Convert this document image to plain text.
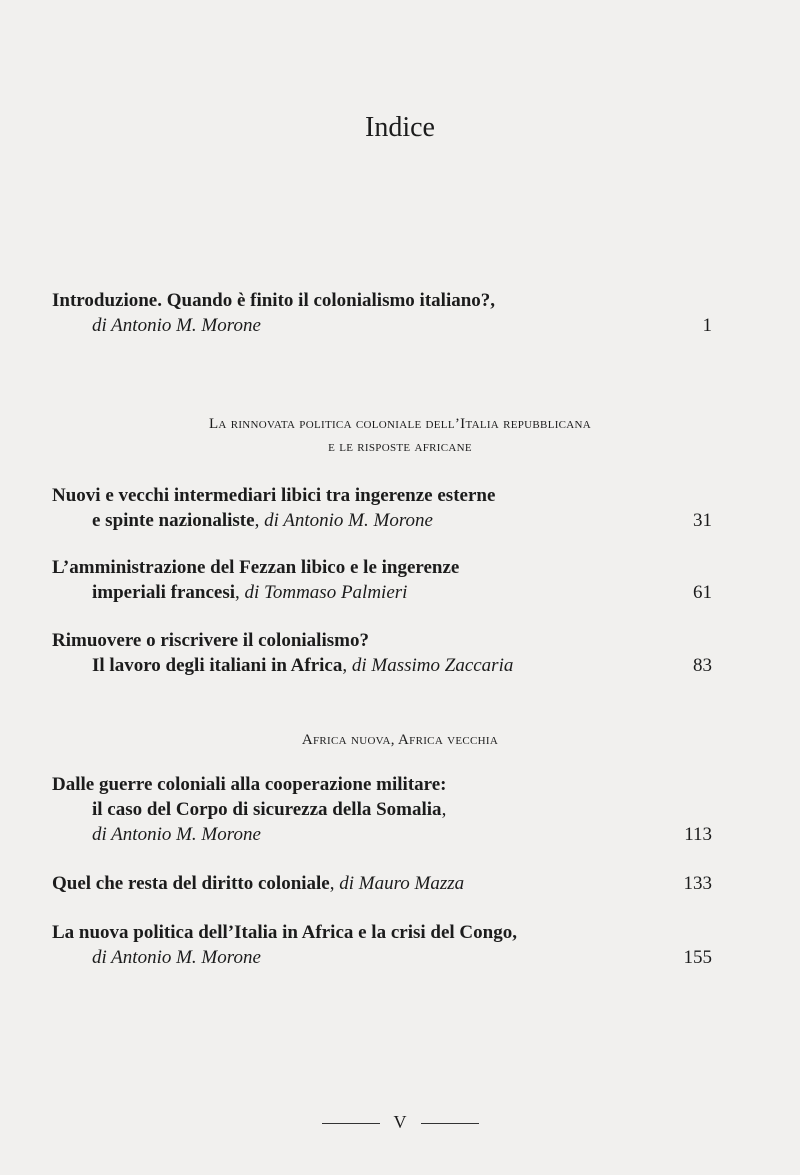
Indice
Introduzione. Quando è finito il colonialismo italiano?,
di Antonio M. Morone	1
La rinnovata politica coloniale dell’Italia repubblicana
e le risposte africane
Nuovi e vecchi intermediari libici tra ingerenze esterne
e spinte nazionaliste, di Antonio M. Morone	31
L’amministrazione del Fezzan libico e le ingerenze
imperiali francesi, di Tommaso Palmieri	61
Rimuovere o riscrivere il colonialismo?
Il lavoro degli italiani in Africa, di Massimo Zaccaria	83
Africa nuova, Africa vecchia
Dalle guerre coloniali alla cooperazione militare:
il caso del Corpo di sicurezza della Somalia,
di Antonio M. Morone	113
Quel che resta del diritto coloniale, di Mauro Mazza	133
La nuova politica dell’Italia in Africa e la crisi del Congo,
di Antonio M. Morone	155
V
